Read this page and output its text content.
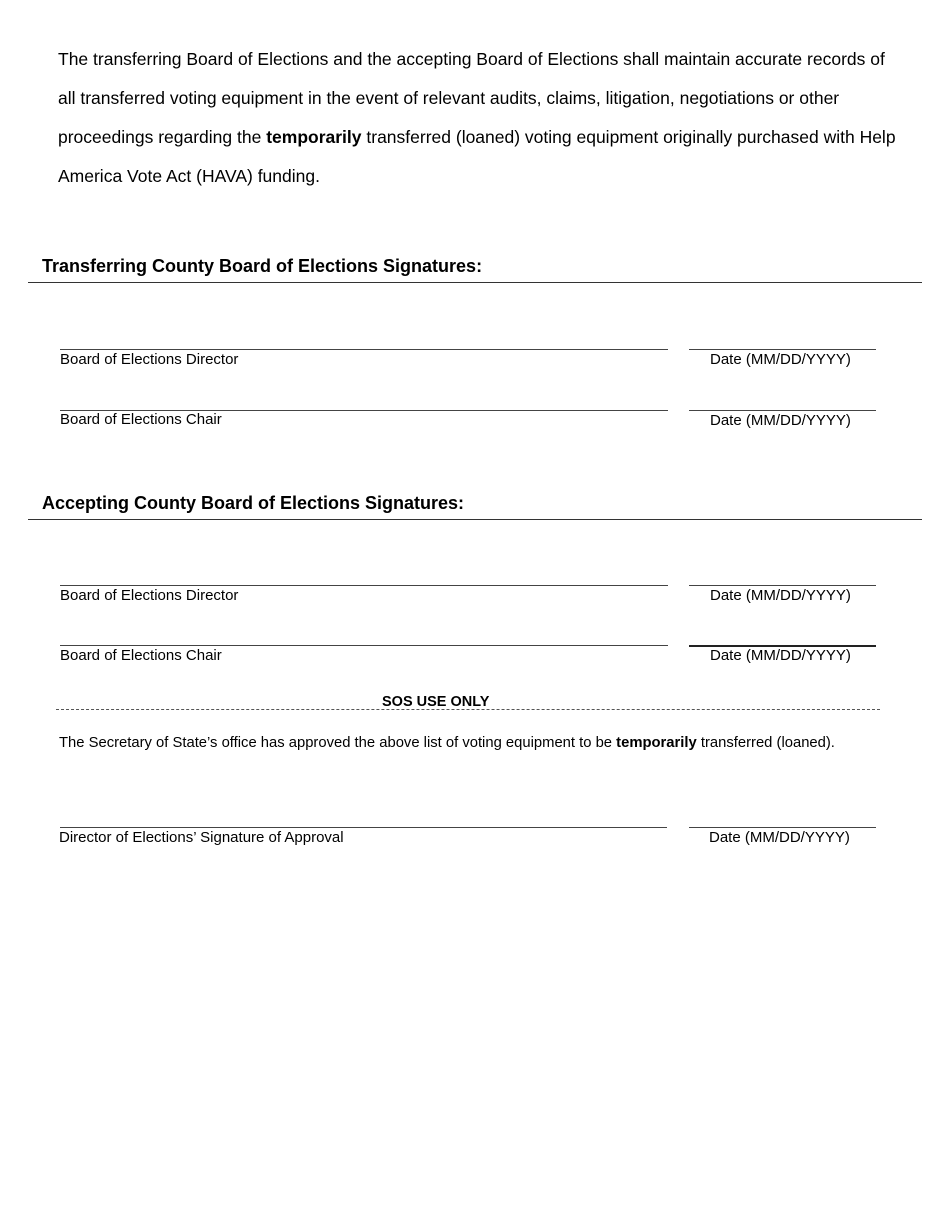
The transferring Board of Elections and the accepting Board of Elections shall maintain accurate records of all transferred voting equipment in the event of relevant audits, claims, litigation, negotiations or other proceedings regarding the temporarily transferred (loaned) voting equipment originally purchased with Help America Vote Act (HAVA) funding.

Transferring County Board of Elections Signatures:
Board of Elections Director	Date (MM/DD/YYYY)
Board of Elections Chair	Date (MM/DD/YYYY)
Accepting County Board of Elections Signatures:
Board of Elections Director	Date (MM/DD/YYYY)
Board of Elections Chair	Date (MM/DD/YYYY)
SOS USE ONLY

The Secretary of State’s office has approved the above list of voting equipment to be temporarily transferred (loaned).

Director of Elections’ Signature of Approval	Date (MM/DD/YYYY)
